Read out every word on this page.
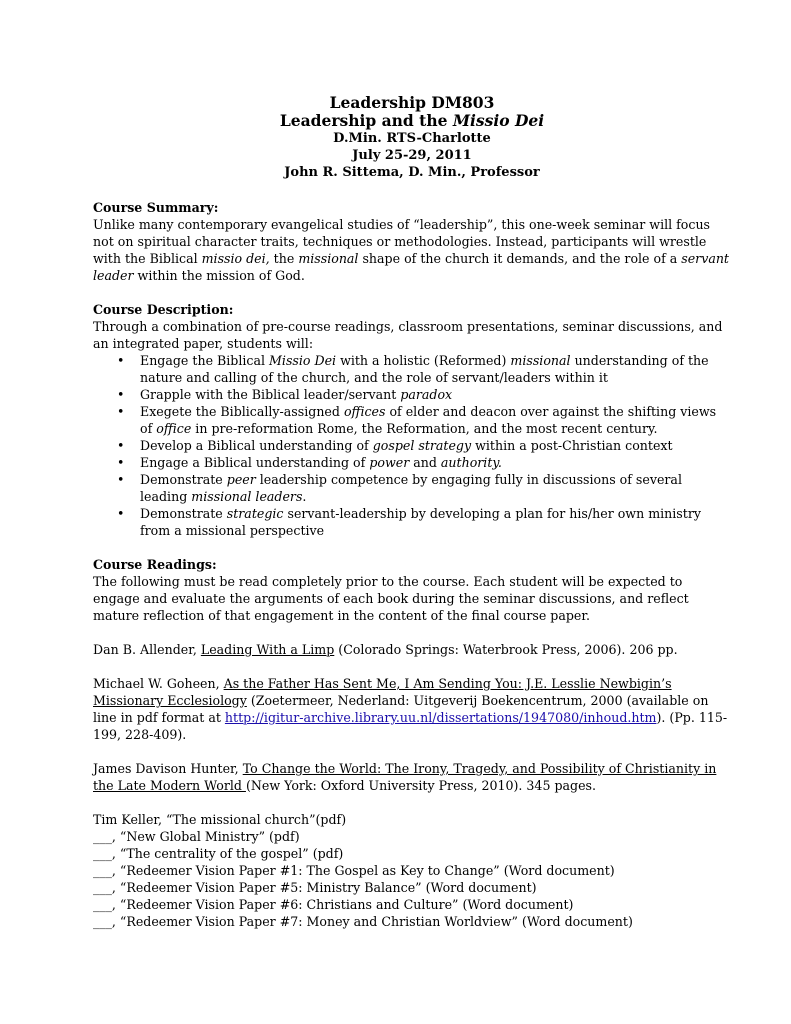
Leadership DM803
Leadership and the Missio Dei
D.Min. RTS-Charlotte
July 25-29, 2011
John R. Sittema, D. Min., Professor
Course Summary:

Unlike many contemporary evangelical studies of “leadership”, this one-week seminar will focus not on spiritual character traits, techniques or methodologies. Instead, participants will wrestle with the Biblical missio dei, the missional shape of the church it demands, and the role of a servant leader within the mission of God.

Course Description:

Through a combination of pre-course readings, classroom presentations, seminar discussions, and an integrated paper, students will:

• Engage the Biblical Missio Dei with a holistic (Reformed) missional understanding of the nature and calling of the church, and the role of servant/leaders within it
• Grapple with the Biblical leader/servant paradox
• Exegete the Biblically-assigned offices of elder and deacon over against the shifting views of office in pre-reformation Rome, the Reformation, and the most recent century.
• Develop a Biblical understanding of gospel strategy within a post-Christian context
• Engage a Biblical understanding of power and authority.
• Demonstrate peer leadership competence by engaging fully in discussions of several leading missional leaders.
• Demonstrate strategic servant-leadership by developing a plan for his/her own ministry from a missional perspective
Course Readings:

The following must be read completely prior to the course. Each student will be expected to engage and evaluate the arguments of each book during the seminar discussions, and reflect mature reflection of that engagement in the content of the final course paper.

Dan B. Allender, Leading With a Limp (Colorado Springs: Waterbrook Press, 2006). 206 pp.
Michael W. Goheen, As the Father Has Sent Me, I Am Sending You: J.E. Lesslie Newbigin’s Missionary Ecclesiology (Zoetermeer, Nederland: Uitgeverij Boekencentrum, 2000 (available on line in pdf format at http://igitur-archive.library.uu.nl/dissertations/1947080/inhoud.htm). (Pp. 115-199, 228-409).
James Davison Hunter, To Change the World: The Irony, Tragedy, and Possibility of Christianity in the Late Modern World (New York: Oxford University Press, 2010). 345 pages.
Tim Keller, “The missional church”(pdf)
___, “New Global Ministry” (pdf)
___, “The centrality of the gospel” (pdf)
___, “Redeemer Vision Paper #1: The Gospel as Key to Change” (Word document)
___, “Redeemer Vision Paper #5: Ministry Balance” (Word document)
___, “Redeemer Vision Paper #6: Christians and Culture” (Word document)
___, “Redeemer Vision Paper #7: Money and Christian Worldview” (Word document)
